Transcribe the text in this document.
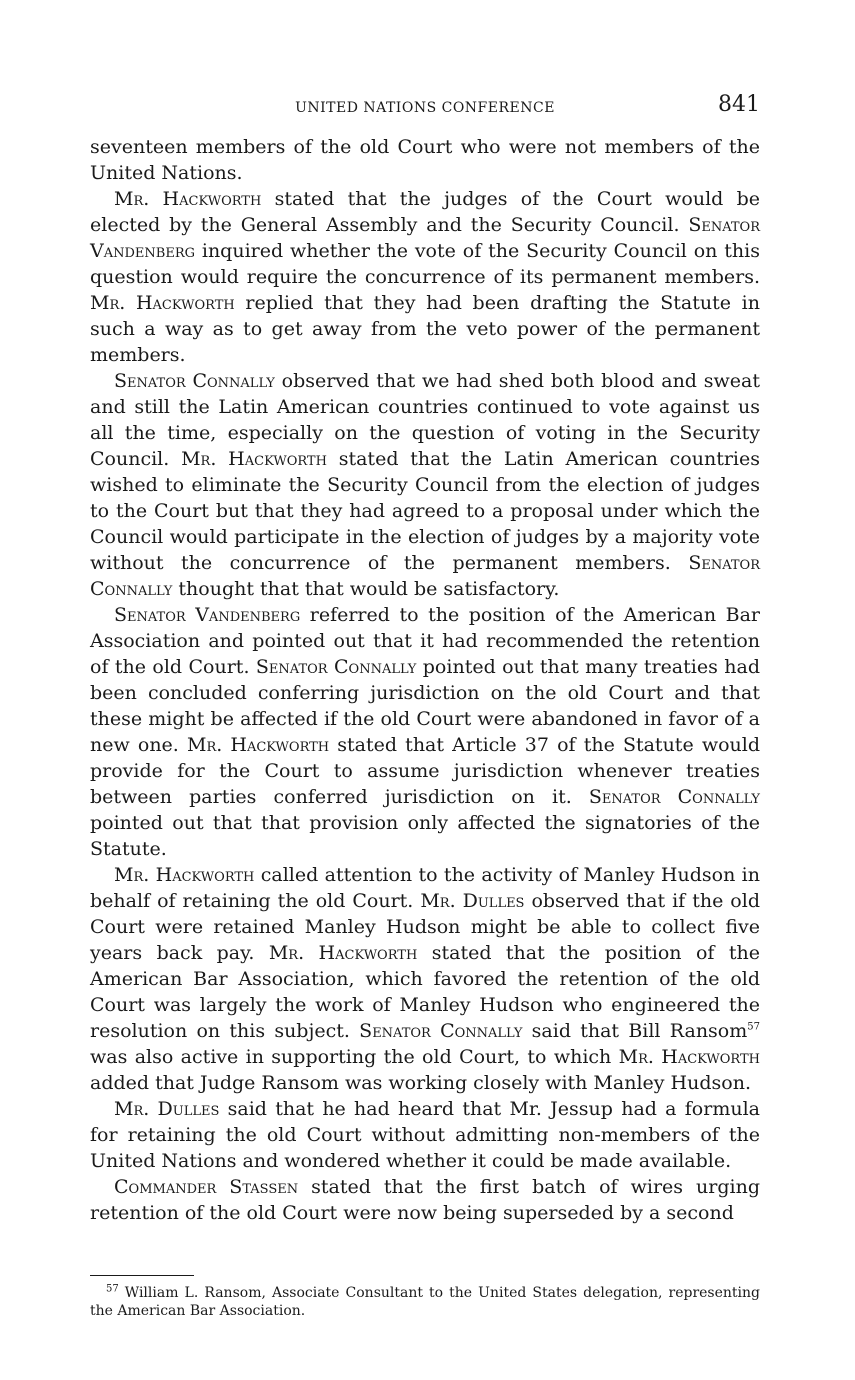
UNITED NATIONS CONFERENCE	841

seventeen members of the old Court who were not members of the United Nations.

Mr. Hackworth stated that the judges of the Court would be elected by the General Assembly and the Security Council. Senator Vandenberg inquired whether the vote of the Security Council on this question would require the concurrence of its permanent members. Mr. Hackworth replied that they had been drafting the Statute in such a way as to get away from the veto power of the permanent members.

Senator Connally observed that we had shed both blood and sweat and still the Latin American countries continued to vote against us all the time, especially on the question of voting in the Security Council. Mr. Hackworth stated that the Latin American countries wished to eliminate the Security Council from the election of judges to the Court but that they had agreed to a proposal under which the Council would participate in the election of judges by a majority vote without the concurrence of the permanent members. Senator Connally thought that that would be satisfactory.

Senator Vandenberg referred to the position of the American Bar Association and pointed out that it had recommended the retention of the old Court. Senator Connally pointed out that many treaties had been concluded conferring jurisdiction on the old Court and that these might be affected if the old Court were abandoned in favor of a new one. Mr. Hackworth stated that Article 37 of the Statute would provide for the Court to assume jurisdiction whenever treaties between parties conferred jurisdiction on it. Senator Connally pointed out that that provision only affected the signatories of the Statute.

Mr. Hackworth called attention to the activity of Manley Hudson in behalf of retaining the old Court. Mr. Dulles observed that if the old Court were retained Manley Hudson might be able to collect five years back pay. Mr. Hackworth stated that the position of the American Bar Association, which favored the retention of the old Court was largely the work of Manley Hudson who engineered the resolution on this subject. Senator Connally said that Bill Ransom$^{57}$ was also active in supporting the old Court, to which Mr. Hackworth added that Judge Ransom was working closely with Manley Hudson.

Mr. Dulles said that he had heard that Mr. Jessup had a formula for retaining the old Court without admitting non-members of the United Nations and wondered whether it could be made available.

Commander Stassen stated that the first batch of wires urging retention of the old Court were now being superseded by a second

$^{57}$ William L. Ransom, Associate Consultant to the United States delegation, representing the American Bar Association.
